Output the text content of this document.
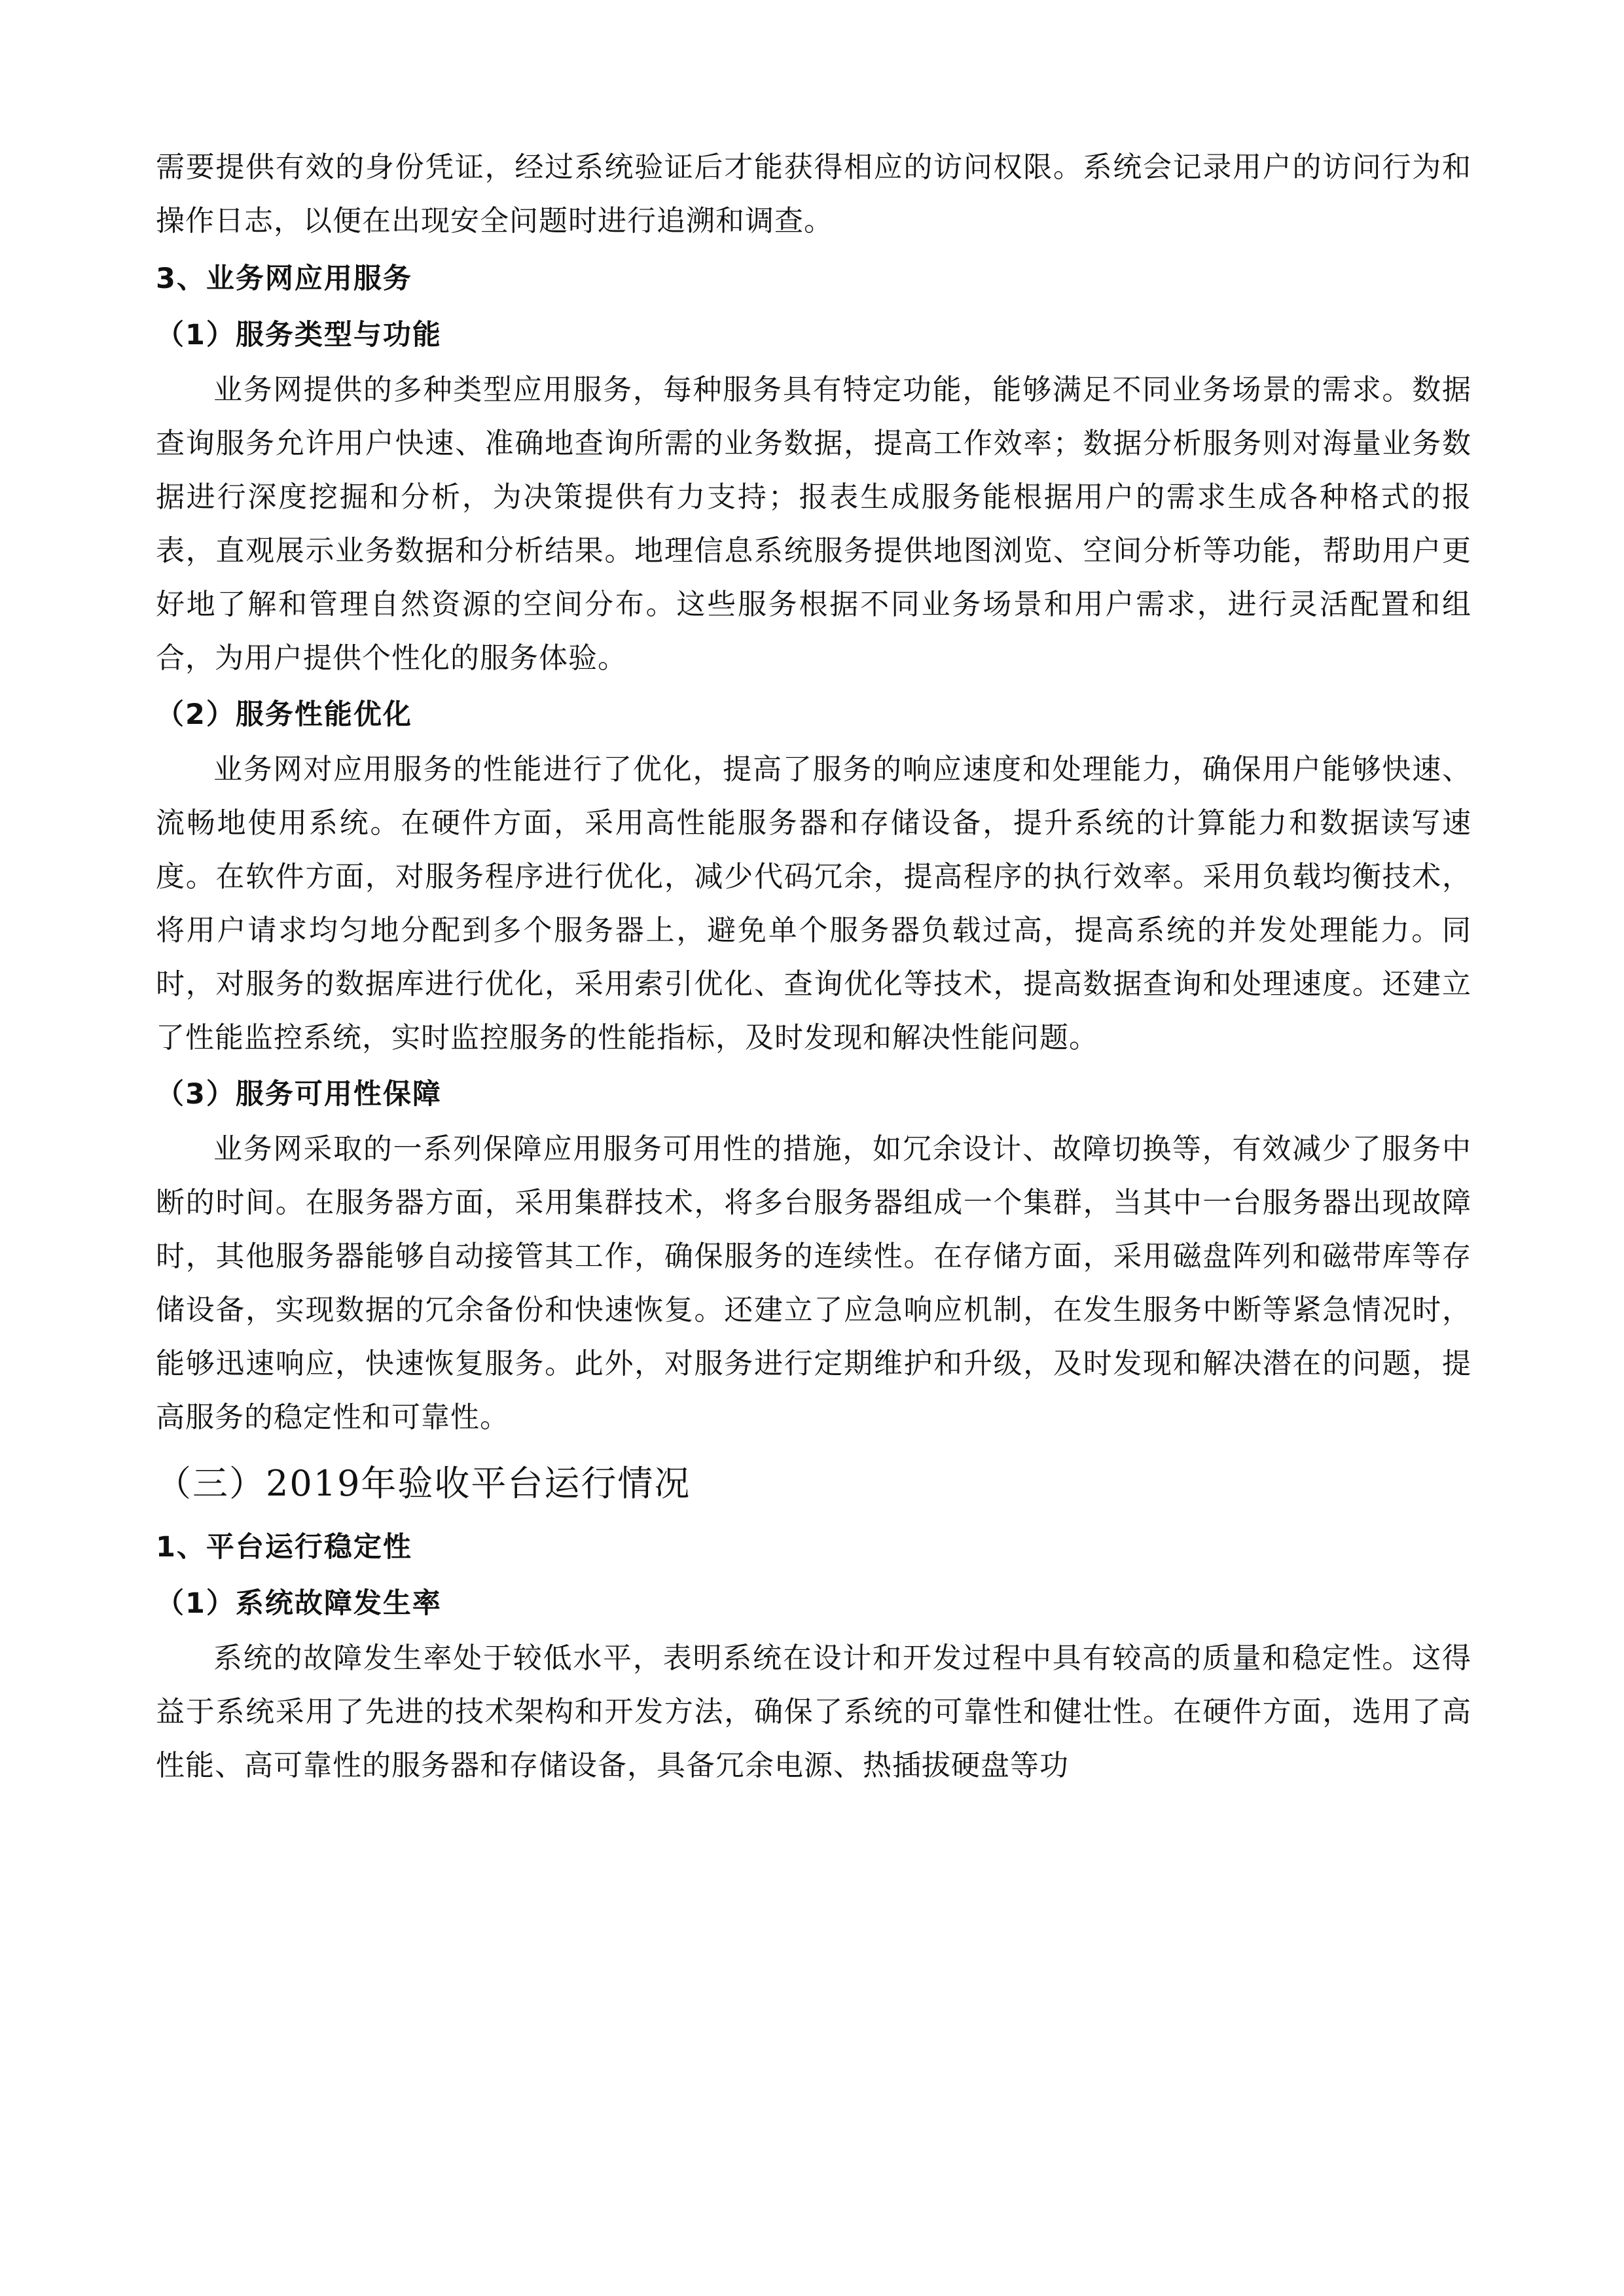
需要提供有效的身份凭证，经过系统验证后才能获得相应的访问权限。系统会记录用户的访问行为和操作日志，以便在出现安全问题时进行追溯和调查。

3、业务网应用服务

（1）服务类型与功能

业务网提供的多种类型应用服务，每种服务具有特定功能，能够满足不同业务场景的需求。数据查询服务允许用户快速、准确地查询所需的业务数据，提高工作效率；数据分析服务则对海量业务数据进行深度挖掘和分析，为决策提供有力支持；报表生成服务能根据用户的需求生成各种格式的报表，直观展示业务数据和分析结果。地理信息系统服务提供地图浏览、空间分析等功能，帮助用户更好地了解和管理自然资源的空间分布。这些服务根据不同业务场景和用户需求，进行灵活配置和组合，为用户提供个性化的服务体验。

（2）服务性能优化

业务网对应用服务的性能进行了优化，提高了服务的响应速度和处理能力，确保用户能够快速、流畅地使用系统。在硬件方面，采用高性能服务器和存储设备，提升系统的计算能力和数据读写速度。在软件方面，对服务程序进行优化，减少代码冗余，提高程序的执行效率。采用负载均衡技术，将用户请求均匀地分配到多个服务器上，避免单个服务器负载过高，提高系统的并发处理能力。同时，对服务的数据库进行优化，采用索引优化、查询优化等技术，提高数据查询和处理速度。还建立了性能监控系统，实时监控服务的性能指标，及时发现和解决性能问题。

（3）服务可用性保障

业务网采取的一系列保障应用服务可用性的措施，如冗余设计、故障切换等，有效减少了服务中断的时间。在服务器方面，采用集群技术，将多台服务器组成一个集群，当其中一台服务器出现故障时，其他服务器能够自动接管其工作，确保服务的连续性。在存储方面，采用磁盘阵列和磁带库等存储设备，实现数据的冗余备份和快速恢复。还建立了应急响应机制，在发生服务中断等紧急情况时，能够迅速响应，快速恢复服务。此外，对服务进行定期维护和升级，及时发现和解决潜在的问题，提高服务的稳定性和可靠性。

（三）2019年验收平台运行情况

1、平台运行稳定性

（1）系统故障发生率

系统的故障发生率处于较低水平，表明系统在设计和开发过程中具有较高的质量和稳定性。这得益于系统采用了先进的技术架构和开发方法，确保了系统的可靠性和健壮性。在硬件方面，选用了高性能、高可靠性的服务器和存储设备，具备冗余电源、热插拔硬盘等功
